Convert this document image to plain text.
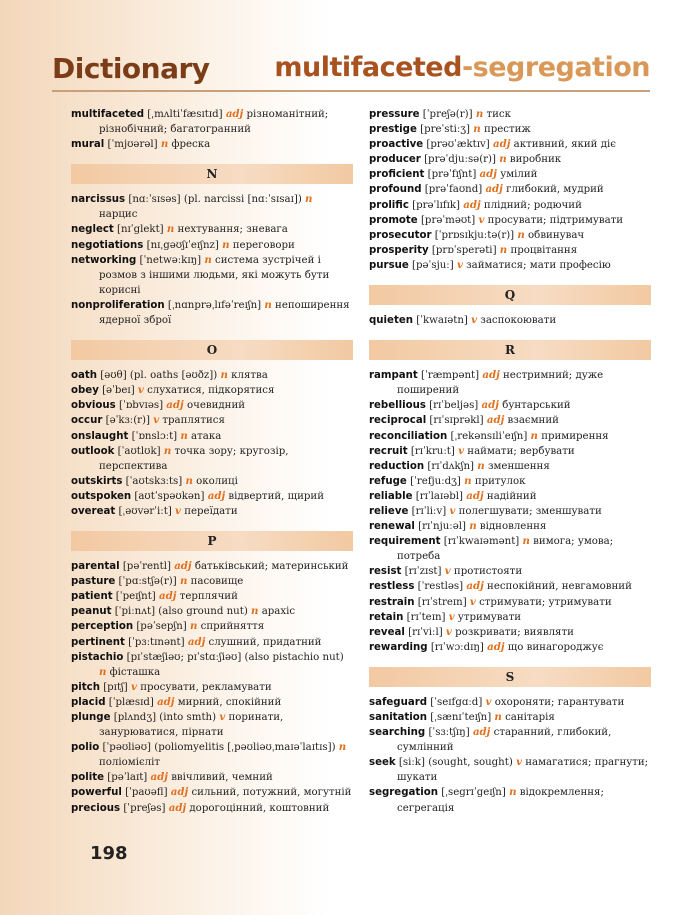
Dictionary multifaceted-segregation
multifaceted [ˌmʌltiˈfæsɪtɪd] adj різноманітний; різнобічний; багатогранний
mural [ˈmjʊərəl] n фреска
N
narcissus [nɑːˈsɪsəs] (pl. narcissi [nɑːˈsɪsaɪ]) n нарцис
neglect [nɪˈglekt] n нехтування; зневага
negotiations [nɪˌgəʊʃɪˈeɪʃnz] n переговори
networking [ˈnetwəːkɪŋ] n система зустрічей і розмов з іншими людьми, які можуть бути корисні
nonproliferation [ˌnɑnprəˌlɪfəˈreɪʃn] n непоширення ядерної зброї
O
oath [əʊθ] (pl. oaths [əʊðz]) n клятва
obey [əˈbeɪ] v слухатися, підкорятися
obvious [ˈɒbvɪəs] adj очевидний
occur [əˈkɜː(r)] v траплятися
onslaught [ˈɒnslɔːt] n атака
outlook [ˈaʊtlʊk] n точка зору; кругозір, перспектива
outskirts [ˈaʊtskɜːts] n околиці
outspoken [aʊtˈspəʊkən] adj відвертий, щирий
overeat [ˌəʊvərˈiːt] v переїдати
P
parental [pəˈrentl] adj батьківський; материнський
pasture [ˈpɑːstʃə(r)] n пасовище
patient [ˈpeɪʃnt] adj терплячий
peanut [ˈpiːnʌt] (also ground nut) n арахіс
perception [pəˈsepʃn] n сприйняття
pertinent [ˈpɜːtɪnənt] adj слушний, придатний
pistachio [pɪˈstæʃiəʊ; pɪˈstɑːʃiəʊ] (also pistachio nut) n фісташка
pitch [pɪtʃ] v просувати, рекламувати
placid [ˈplæsɪd] adj мирний, спокійний
plunge [plʌndʒ] (into smth) v поринати, занурюватися, пірнати
polio [ˈpəʊliəʊ] (poliomyelitis [ˌpəʊliəʊˌmaɪəˈlaɪtɪs]) n поліомієліт
polite [pəˈlaɪt] adj ввічливий, чемний
powerful [ˈpaʊəfl] adj сильний, потужний, могутній
precious [ˈpreʃəs] adj дорогоцінний, коштовний
pressure [ˈpreʃə(r)] n тиск
prestige [preˈstiːʒ] n престиж
proactive [prəʊˈæktɪv] adj активний, який діє
producer [prəˈdjuːsə(r)] n виробник
proficient [prəˈfɪʃnt] adj умілий
profound [prəˈfaʊnd] adj глибокий, мудрий
prolific [prəˈlɪfɪk] adj плідний; родючий
promote [prəˈməʊt] v просувати; підтримувати
prosecutor [ˈprɒsɪkjuːtə(r)] n обвинувач
prosperity [prɒˈsperəti] n процвітання
pursue [pəˈsjuː] v займатися; мати професію
Q
quieten [ˈkwaɪətn] v заспокоювати
R
rampant [ˈræmpənt] adj нестримний; дуже поширений
rebellious [rɪˈbeljəs] adj бунтарський
reciprocal [rɪˈsɪprəkl] adj взаємний
reconciliation [ˌrekənsɪliˈeɪʃn] n примирення
recruit [rɪˈkruːt] v наймати; вербувати
reduction [rɪˈdʌkʃn] n зменшення
refuge [ˈrefjuːdʒ] n притулок
reliable [rɪˈlaɪəbl] adj надійний
relieve [rɪˈliːv] v полегшувати; зменшувати
renewal [rɪˈnjuːəl] n відновлення
requirement [rɪˈkwaɪəmənt] n вимога; умова; потреба
resist [rɪˈzɪst] v протистояти
restless [ˈrestləs] adj неспокійний, невгамовний
restrain [rɪˈstreɪn] v стримувати; утримувати
retain [rɪˈteɪn] v утримувати
reveal [rɪˈviːl] v розкривати; виявляти
rewarding [rɪˈwɔːdɪŋ] adj що винагороджує
S
safeguard [ˈseɪfgɑːd] v охороняти; гарантувати
sanitation [ˌsænɪˈteɪʃn] n санітарія
searching [ˈsɜːtʃɪŋ] adj старанний, глибокий, сумлінний
seek [siːk] (sought, sought) v намагатися; прагнути; шукати
segregation [ˌsegrɪˈgeɪʃn] n відокремлення; сегрегація
198
